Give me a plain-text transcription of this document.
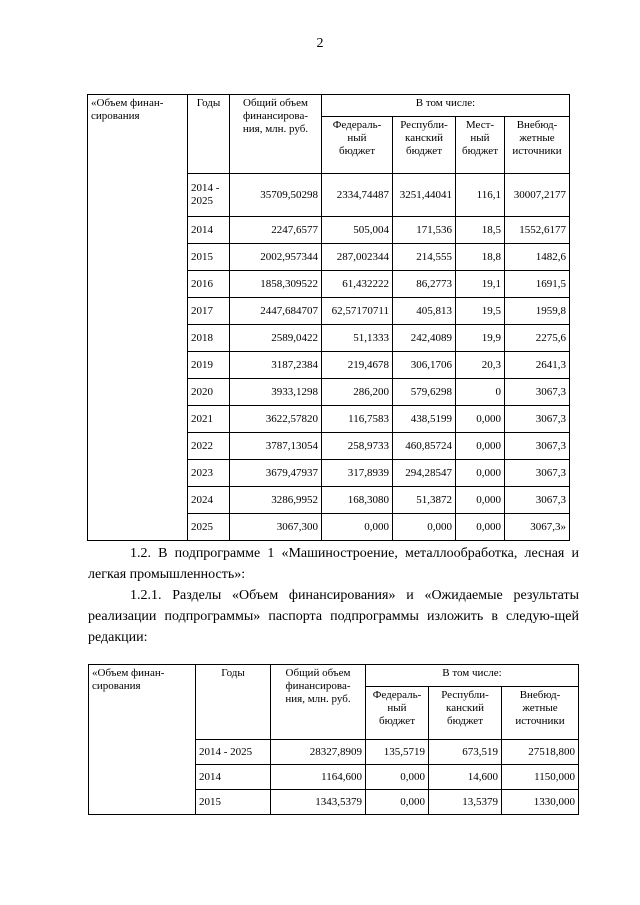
2
«Объем финан-
сирования	Годы	Общий объем
финансирова-
ния, млн. руб.	В том числе:			
			Федераль-
ный
бюджет	Республи-
канский
бюджет	Мест-
ный
бюджет	Внебюд-
жетные
источники
	2014 -
2025	35709,50298	2334,74487	3251,44041	116,1	30007,2177
	2014	2247,6577	505,004	171,536	18,5	1552,6177
	2015	2002,957344	287,002344	214,555	18,8	1482,6
	2016	1858,309522	61,432222	86,2773	19,1	1691,5
	2017	2447,684707	62,57170711	405,813	19,5	1959,8
	2018	2589,0422	51,1333	242,4089	19,9	2275,6
	2019	3187,2384	219,4678	306,1706	20,3	2641,3
	2020	3933,1298	286,200	579,6298	0	3067,3
	2021	3622,57820	116,7583	438,5199	0,000	3067,3
	2022	3787,13054	258,9733	460,85724	0,000	3067,3
	2023	3679,47937	317,8939	294,28547	0,000	3067,3
	2024	3286,9952	168,3080	51,3872	0,000	3067,3
	2025	3067,300	0,000	0,000	0,000	3067,3»

1.2. В подпрограмме 1 «Машиностроение, металлообработка, лесная и легкая промышленность»:

1.2.1. Разделы «Объем финансирования» и «Ожидаемые результаты реализации подпрограммы» паспорта подпрограммы изложить в следую-щей редакции:

«Объем финан-
сирования	Годы	Общий объем
финансирова-
ния, млн. руб.	В том числе:		
			Федераль-
ный
бюджет	Республи-
канский
бюджет	Внебюд-
жетные
источники
	2014 - 2025	28327,8909	135,5719	673,519	27518,800
	2014	1164,600	0,000	14,600	1150,000
	2015	1343,5379	0,000	13,5379	1330,000
